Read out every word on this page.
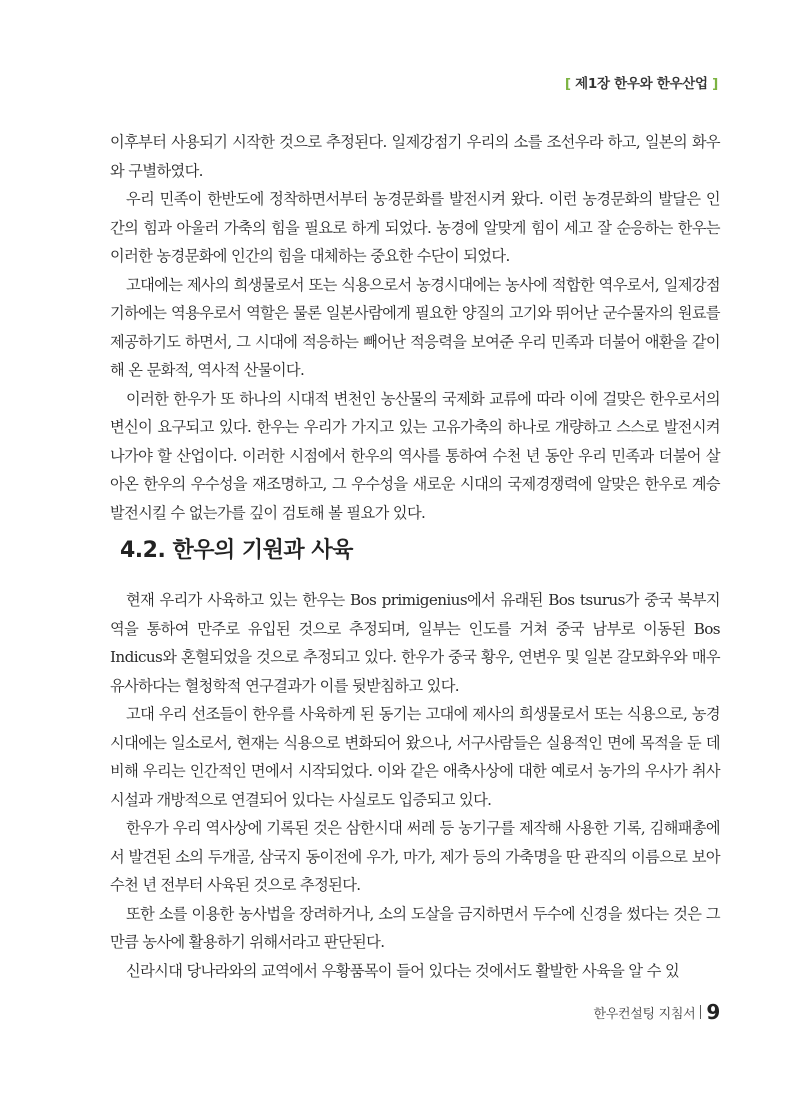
[ 제1장 한우와 한우산업 ]

이후부터 사용되기 시작한 것으로 추정된다. 일제강점기 우리의 소를 조선우라 하고, 일본의 화우와 구별하였다.

우리 민족이 한반도에 정착하면서부터 농경문화를 발전시켜 왔다. 이런 농경문화의 발달은 인간의 힘과 아울러 가축의 힘을 필요로 하게 되었다. 농경에 알맞게 힘이 세고 잘 순응하는 한우는 이러한 농경문화에 인간의 힘을 대체하는 중요한 수단이 되었다.

고대에는 제사의 희생물로서 또는 식용으로서 농경시대에는 농사에 적합한 역우로서, 일제강점기하에는 역용우로서 역할은 물론 일본사람에게 필요한 양질의 고기와 뛰어난 군수물자의 원료를 제공하기도 하면서, 그 시대에 적응하는 빼어난 적응력을 보여준 우리 민족과 더불어 애환을 같이해 온 문화적, 역사적 산물이다.

이러한 한우가 또 하나의 시대적 변천인 농산물의 국제화 교류에 따라 이에 걸맞은 한우로서의 변신이 요구되고 있다. 한우는 우리가 가지고 있는 고유가축의 하나로 개량하고 스스로 발전시켜 나가야 할 산업이다. 이러한 시점에서 한우의 역사를 통하여 수천 년 동안 우리 민족과 더불어 살아온 한우의 우수성을 재조명하고, 그 우수성을 새로운 시대의 국제경쟁력에 알맞은 한우로 계승 발전시킬 수 없는가를 깊이 검토해 볼 필요가 있다.

4.2. 한우의 기원과 사육

현재 우리가 사육하고 있는 한우는 Bos primigenius에서 유래된 Bos tsurus가 중국 북부지역을 통하여 만주로 유입된 것으로 추정되며, 일부는 인도를 거쳐 중국 남부로 이동된 Bos Indicus와 혼혈되었을 것으로 추정되고 있다. 한우가 중국 황우, 연변우 및 일본 갈모화우와 매우 유사하다는 혈청학적 연구결과가 이를 뒷받침하고 있다.

고대 우리 선조들이 한우를 사육하게 된 동기는 고대에 제사의 희생물로서 또는 식용으로, 농경시대에는 일소로서, 현재는 식용으로 변화되어 왔으나, 서구사람들은 실용적인 면에 목적을 둔 데 비해 우리는 인간적인 면에서 시작되었다. 이와 같은 애축사상에 대한 예로서 농가의 우사가 취사시설과 개방적으로 연결되어 있다는 사실로도 입증되고 있다.

한우가 우리 역사상에 기록된 것은 삼한시대 써레 등 농기구를 제작해 사용한 기록, 김해패총에서 발견된 소의 두개골, 삼국지 동이전에 우가, 마가, 제가 등의 가축명을 딴 관직의 이름으로 보아 수천 년 전부터 사육된 것으로 추정된다.

또한 소를 이용한 농사법을 장려하거나, 소의 도살을 금지하면서 두수에 신경을 썼다는 것은 그만큼 농사에 활용하기 위해서라고 판단된다.

신라시대 당나라와의 교역에서 우황품목이 들어 있다는 것에서도 활발한 사육을 알 수 있

한우컨설팅 지침서 9
